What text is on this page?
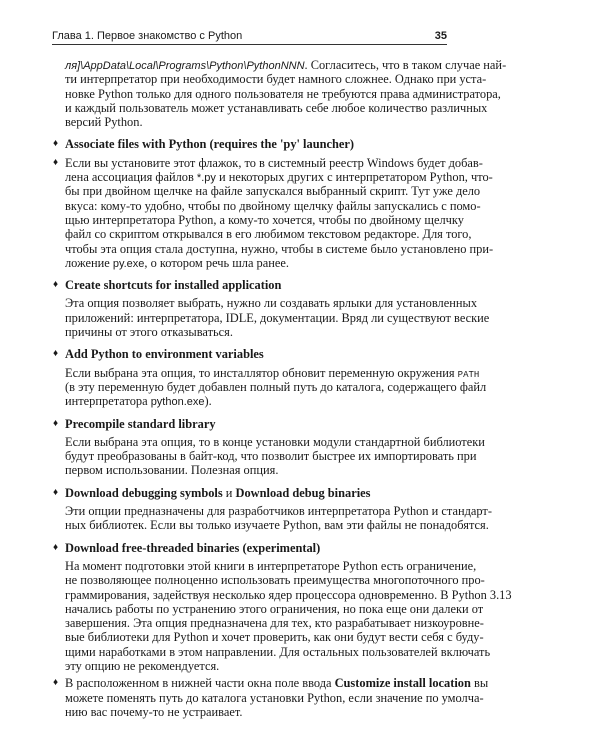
Глава 1. Первое знакомство с Python	35
ля]\AppData\Local\Programs\Python\PythonNNN. Согласитесь, что в таком случае най-
ти интерпретатор при необходимости будет намного сложнее. Однако при уста-
новке Python только для одного пользователя не требуются права администратора,
и каждый пользователь может устанавливать себе любое количество различных
версий Python.
♦ Associate files with Python (requires the 'py' launcher)
♦ Если вы установите этот флажок, то в системный реестр Windows будет добав-
лена ассоциация файлов *.py и некоторых других с интерпретатором Python, что-
бы при двойном щелчке на файле запускался выбранный скрипт. Тут уже дело
вкуса: кому-то удобно, чтобы по двойному щелчку файлы запускались с помо-
щью интерпретатора Python, а кому-то хочется, чтобы по двойному щелчку
файл со скриптом открывался в его любимом текстовом редакторе. Для того,
чтобы эта опция стала доступна, нужно, чтобы в системе было установлено при-
ложение py.exe, о котором речь шла ранее.
♦ Create shortcuts for installed application
Эта опция позволяет выбрать, нужно ли создавать ярлыки для установленных
приложений: интерпретатора, IDLE, документации. Вряд ли существуют веские
причины от этого отказываться.
♦ Add Python to environment variables
Если выбрана эта опция, то инсталлятор обновит переменную окружения PATH
(в эту переменную будет добавлен полный путь до каталога, содержащего файл
интерпретатора python.exe).
♦ Precompile standard library
Если выбрана эта опция, то в конце установки модули стандартной библиотеки
будут преобразованы в байт-код, что позволит быстрее их импортировать при
первом использовании. Полезная опция.
♦ Download debugging symbols и Download debug binaries
Эти опции предназначены для разработчиков интерпретатора Python и стандарт-
ных библиотек. Если вы только изучаете Python, вам эти файлы не понадобятся.
♦ Download free-threaded binaries (experimental)
На момент подготовки этой книги в интерпретаторе Python есть ограничение,
не позволяющее полноценно использовать преимущества многопоточного про-
граммирования, задействуя несколько ядер процессора одновременно. В Python 3.13
начались работы по устранению этого ограничения, но пока еще они далеки от
завершения. Эта опция предназначена для тех, кто разрабатывает низкоуровне-
вые библиотеки для Python и хочет проверить, как они будут вести себя с буду-
щими наработками в этом направлении. Для остальных пользователей включать
эту опцию не рекомендуется.
♦ В расположенном в нижней части окна поле ввода Customize install location вы
можете поменять путь до каталога установки Python, если значение по умолча-
нию вас почему-то не устраивает.
